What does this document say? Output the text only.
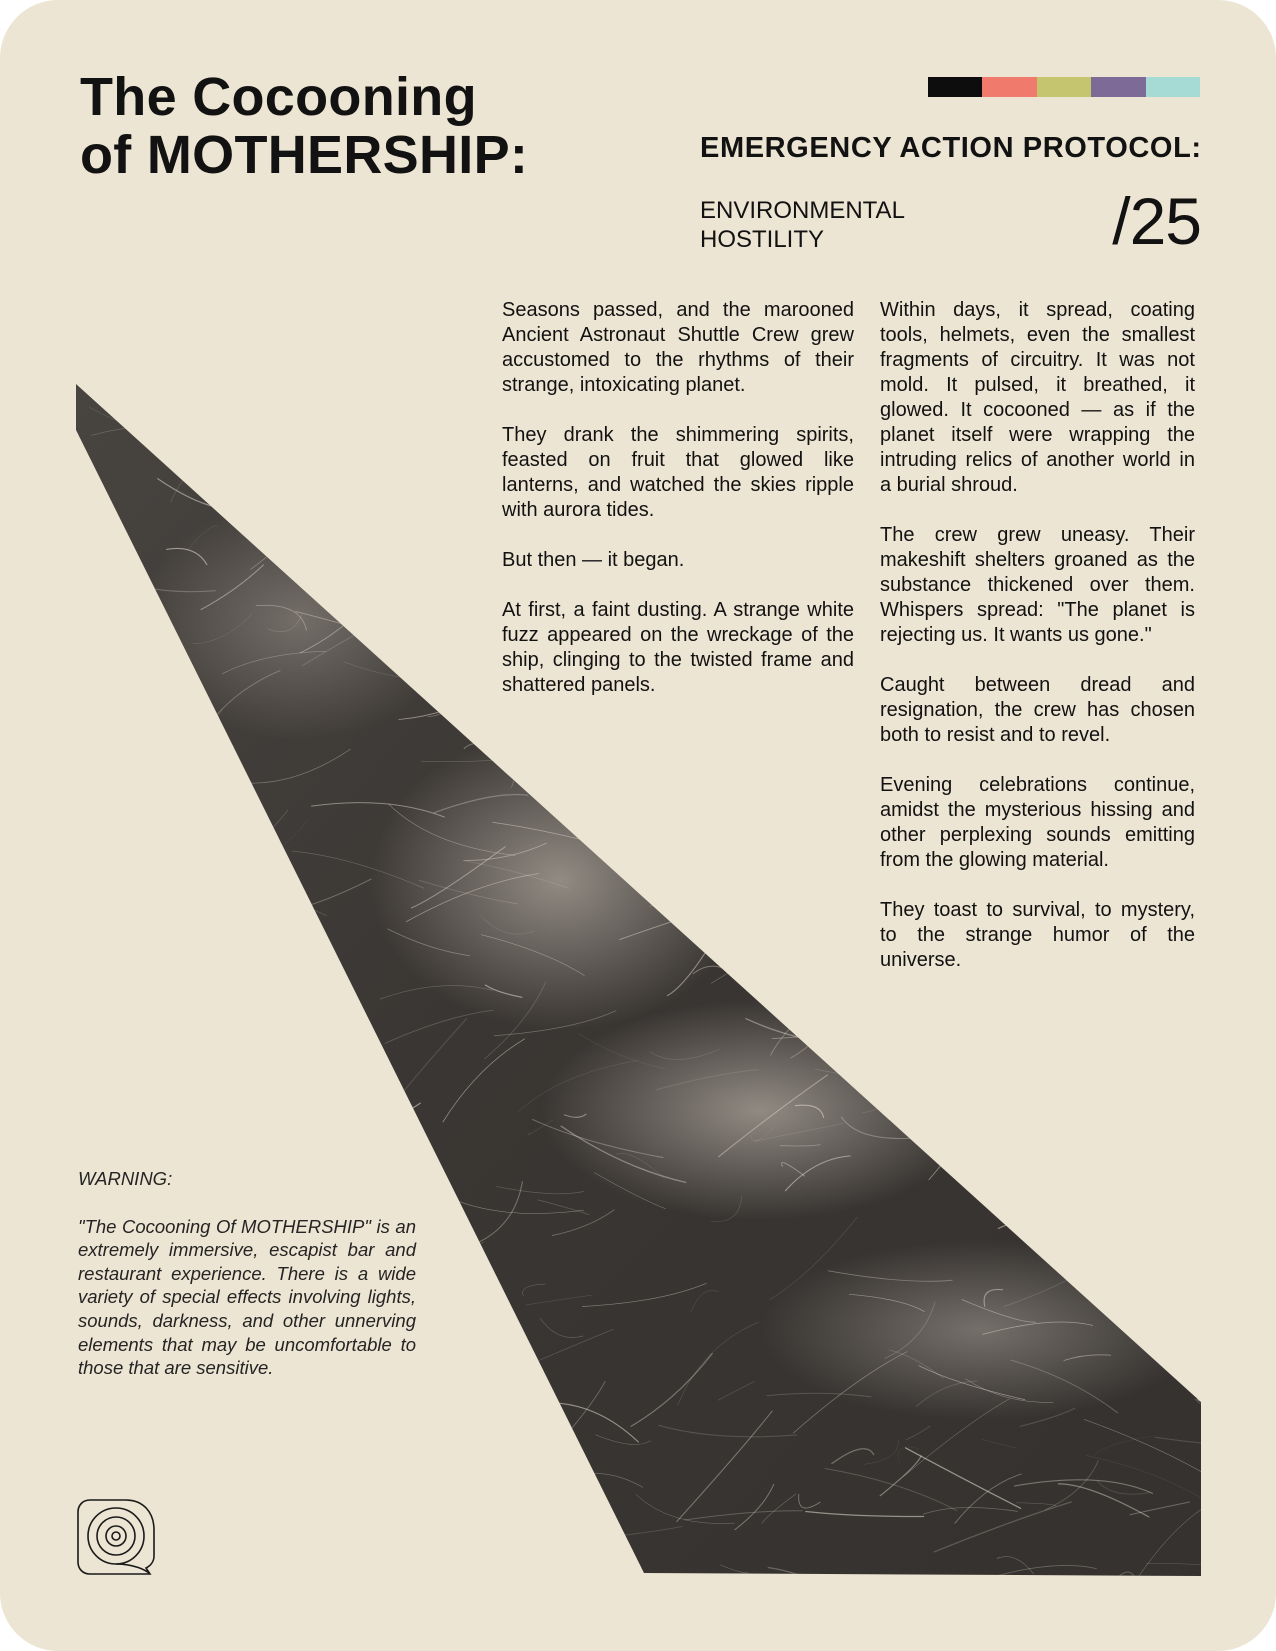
The Cocooning
of MOTHERSHIP:	EMERGENCY ACTION PROTOCOL:
ENVIRONMENTAL
HOSTILITY	/25

Seasons passed, and the marooned Ancient Astronaut Shuttle Crew grew accustomed to the rhythms of their strange, intoxicating planet.

They drank the shimmering spirits, feasted on fruit that glowed like lanterns, and watched the skies ripple with aurora tides.

But then — it began.

At first, a faint dusting. A strange white fuzz appeared on the wreckage of the ship, clinging to the twisted frame and shattered panels.

Within days, it spread, coating tools, helmets, even the smallest fragments of circuitry. It was not mold. It pulsed, it breathed, it glowed. It cocooned — as if the planet itself were wrapping the intruding relics of another world in a burial shroud.

The crew grew uneasy. Their makeshift shelters groaned as the substance thickened over them. Whispers spread: "The planet is rejecting us. It wants us gone."

Caught between dread and resignation, the crew has chosen both to resist and to revel.

Evening celebrations continue, amidst the mysterious hissing and other perplexing sounds emitting from the glowing material.

They toast to survival, to mystery, to the strange humor of the universe.

WARNING:

"The Cocooning Of MOTHERSHIP" is an extremely immersive, escapist bar and restaurant experience. There is a wide variety of special effects involving lights, sounds, darkness, and other unnerving elements that may be uncomfortable to those that are sensitive.
